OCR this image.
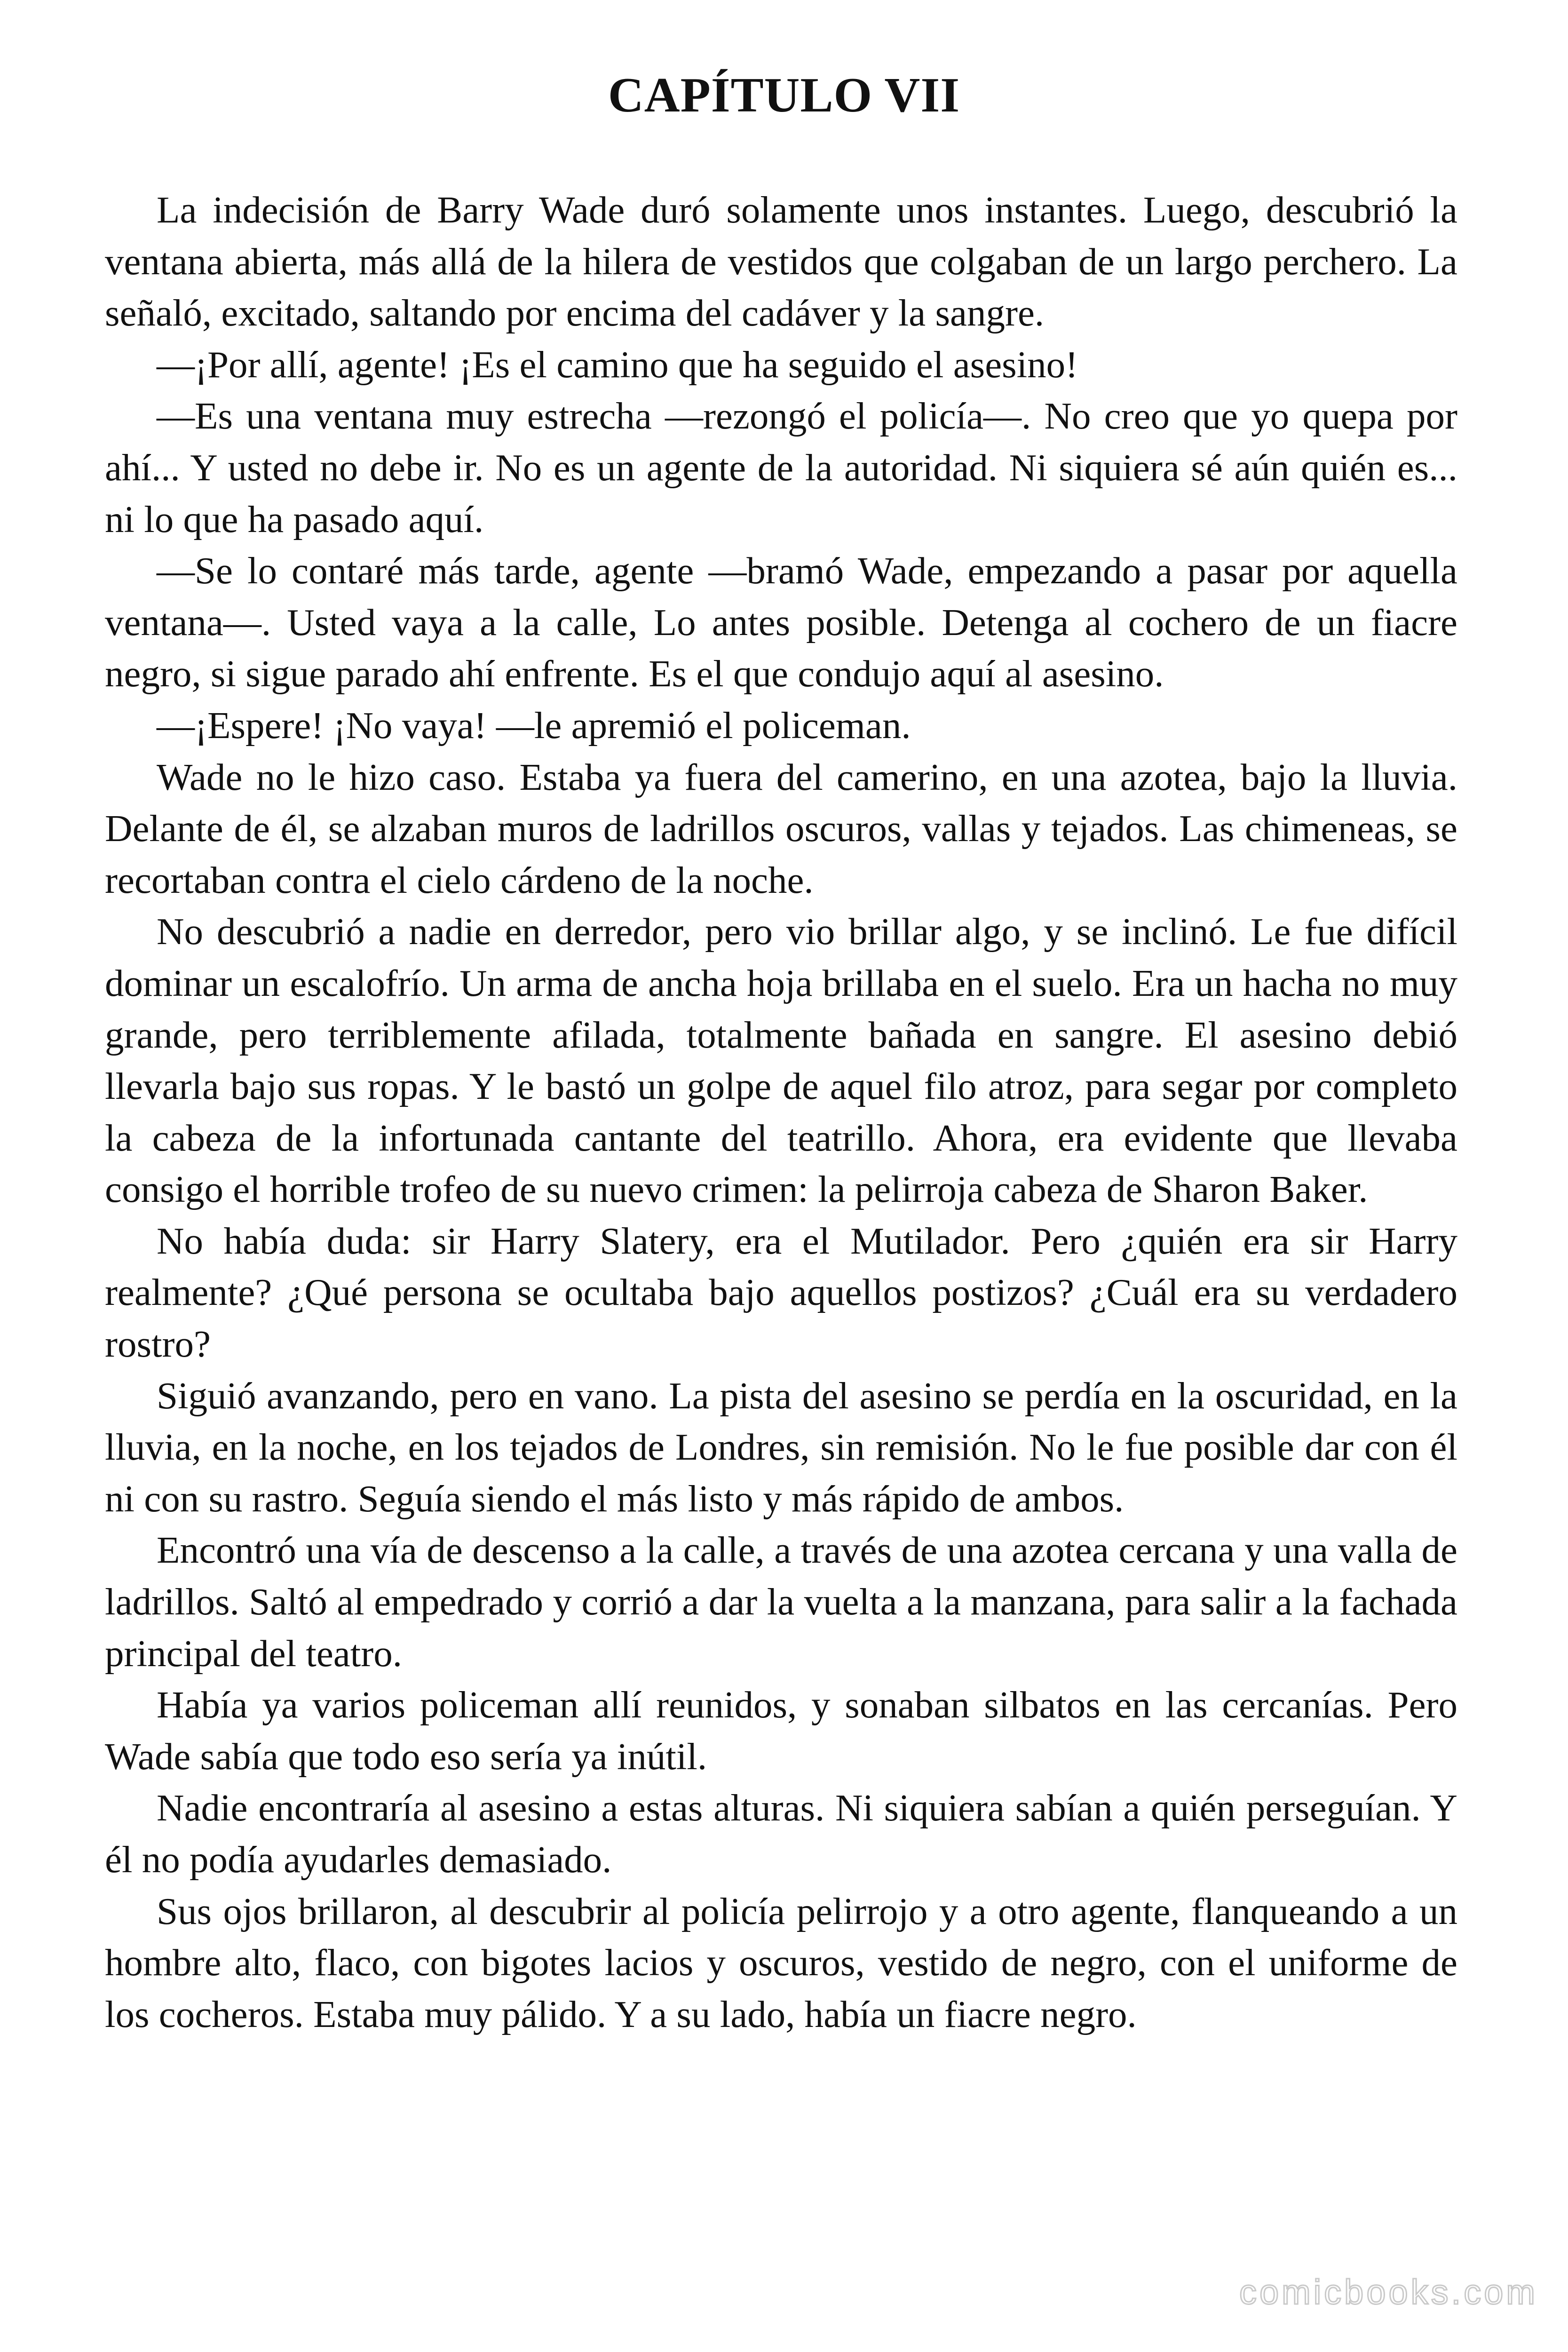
CAPÍTULO VII

La indecisión de Barry Wade duró solamente unos instantes. Luego, descubrió la ventana abierta, más allá de la hilera de vestidos que colgaban de un largo perchero. La señaló, excitado, saltando por encima del cadáver y la sangre.

—¡Por allí, agente! ¡Es el camino que ha seguido el asesino!

—Es una ventana muy estrecha —rezongó el policía—. No creo que yo quepa por ahí... Y usted no debe ir. No es un agente de la autoridad. Ni siquiera sé aún quién es... ni lo que ha pasado aquí.

—Se lo contaré más tarde, agente —bramó Wade, empezando a pasar por aquella ventana—. Usted vaya a la calle, Lo antes posible. Detenga al cochero de un fiacre negro, si sigue parado ahí enfrente. Es el que condujo aquí al asesino.

—¡Espere! ¡No vaya! —le apremió el policeman.

Wade no le hizo caso. Estaba ya fuera del camerino, en una azotea, bajo la lluvia. Delante de él, se alzaban muros de ladrillos oscuros, vallas y tejados. Las chimeneas, se recortaban contra el cielo cárdeno de la noche.

No descubrió a nadie en derredor, pero vio brillar algo, y se inclinó. Le fue difícil dominar un escalofrío. Un arma de ancha hoja brillaba en el suelo. Era un hacha no muy grande, pero terriblemente afilada, totalmente bañada en sangre. El asesino debió llevarla bajo sus ropas. Y le bastó un golpe de aquel filo atroz, para segar por completo la cabeza de la infortunada cantante del teatrillo. Ahora, era evidente que llevaba consigo el horrible trofeo de su nuevo crimen: la pelirroja cabeza de Sharon Baker.

No había duda: sir Harry Slatery, era el Mutilador. Pero ¿quién era sir Harry realmente? ¿Qué persona se ocultaba bajo aquellos postizos? ¿Cuál era su verdadero rostro?

Siguió avanzando, pero en vano. La pista del asesino se perdía en la oscuridad, en la lluvia, en la noche, en los tejados de Londres, sin remisión. No le fue posible dar con él ni con su rastro. Seguía siendo el más listo y más rápido de ambos.

Encontró una vía de descenso a la calle, a través de una azotea cercana y una valla de ladrillos. Saltó al empedrado y corrió a dar la vuelta a la manzana, para salir a la fachada principal del teatro.

Había ya varios policeman allí reunidos, y sonaban silbatos en las cercanías. Pero Wade sabía que todo eso sería ya inútil.

Nadie encontraría al asesino a estas alturas. Ni siquiera sabían a quién perseguían. Y él no podía ayudarles demasiado.

Sus ojos brillaron, al descubrir al policía pelirrojo y a otro agente, flanqueando a un hombre alto, flaco, con bigotes lacios y oscuros, vestido de negro, con el uniforme de los cocheros. Estaba muy pálido. Y a su lado, había un fiacre negro.

comicbooks.com
